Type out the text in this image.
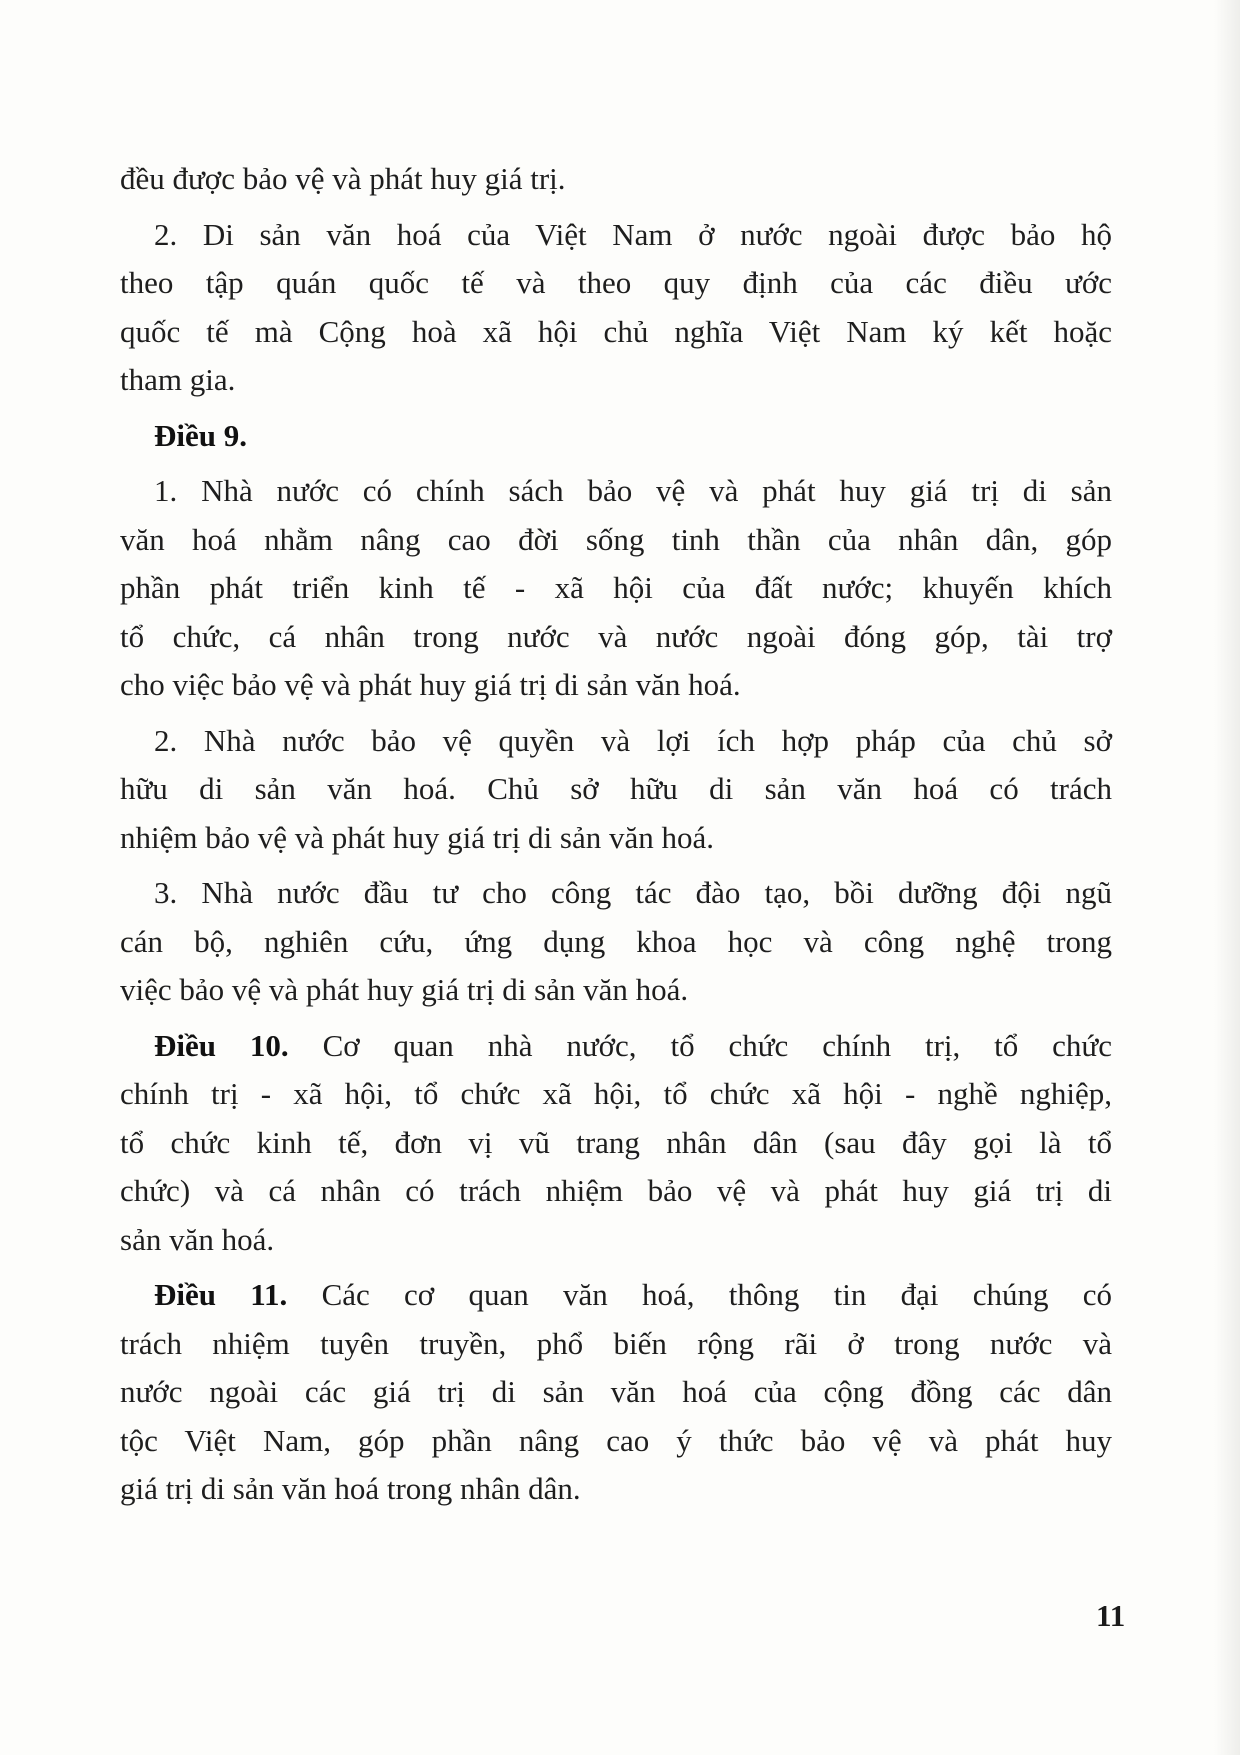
đều được bảo vệ và phát huy giá trị.
2. Di sản văn hoá của Việt Nam ở nước ngoài được bảo hộ
theo tập quán quốc tế và theo quy định của các điều ước
quốc tế mà Cộng hoà xã hội chủ nghĩa Việt Nam ký kết hoặc
tham gia.
Điều 9.
1. Nhà nước có chính sách bảo vệ và phát huy giá trị di sản
văn hoá nhằm nâng cao đời sống tinh thần của nhân dân, góp
phần phát triển kinh tế - xã hội của đất nước; khuyến khích
tổ chức, cá nhân trong nước và nước ngoài đóng góp, tài trợ
cho việc bảo vệ và phát huy giá trị di sản văn hoá.
2. Nhà nước bảo vệ quyền và lợi ích hợp pháp của chủ sở
hữu di sản văn hoá. Chủ sở hữu di sản văn hoá có trách
nhiệm bảo vệ và phát huy giá trị di sản văn hoá.
3. Nhà nước đầu tư cho công tác đào tạo, bồi dưỡng đội ngũ
cán bộ, nghiên cứu, ứng dụng khoa học và công nghệ trong
việc bảo vệ và phát huy giá trị di sản văn hoá.
Điều 10. Cơ quan nhà nước, tổ chức chính trị, tổ chức
chính trị - xã hội, tổ chức xã hội, tổ chức xã hội - nghề nghiệp,
tổ chức kinh tế, đơn vị vũ trang nhân dân (sau đây gọi là tổ
chức) và cá nhân có trách nhiệm bảo vệ và phát huy giá trị di
sản văn hoá.
Điều 11. Các cơ quan văn hoá, thông tin đại chúng có
trách nhiệm tuyên truyền, phổ biến rộng rãi ở trong nước và
nước ngoài các giá trị di sản văn hoá của cộng đồng các dân
tộc Việt Nam, góp phần nâng cao ý thức bảo vệ và phát huy
giá trị di sản văn hoá trong nhân dân.
11
